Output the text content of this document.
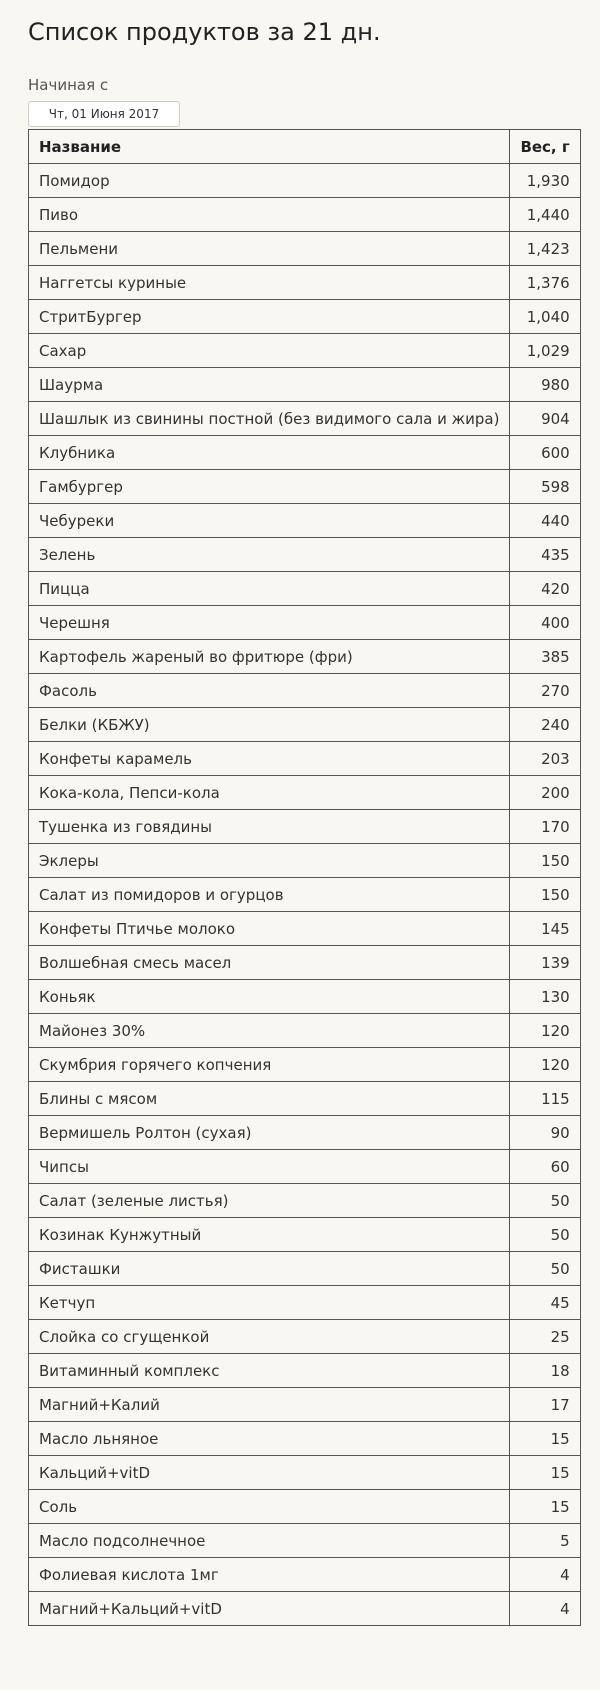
Список продуктов за 21 дн.
Начиная с
Чт, 01 Июня 2017
Название	Вес, г
Помидор	1,930
Пиво	1,440
Пельмени	1,423
Наггетсы куриные	1,376
СтритБургер	1,040
Сахар	1,029
Шаурма	980
Шашлык из свинины постной (без видимого сала и жира)	904
Клубника	600
Гамбургер	598
Чебуреки	440
Зелень	435
Пицца	420
Черешня	400
Картофель жареный во фритюре (фри)	385
Фасоль	270
Белки (КБЖУ)	240
Конфеты карамель	203
Кока-кола, Пепси-кола	200
Тушенка из говядины	170
Эклеры	150
Салат из помидоров и огурцов	150
Конфеты Птичье молоко	145
Волшебная смесь масел	139
Коньяк	130
Майонез 30%	120
Скумбрия горячего копчения	120
Блины с мясом	115
Вермишель Ролтон (сухая)	90
Чипсы	60
Салат (зеленые листья)	50
Козинак Кунжутный	50
Фисташки	50
Кетчуп	45
Слойка со сгущенкой	25
Витаминный комплекс	18
Магний+Калий	17
Масло льняное	15
Кальций+vitD	15
Соль	15
Масло подсолнечное	5
Фолиевая кислота 1мг	4
Магний+Кальций+vitD	4
